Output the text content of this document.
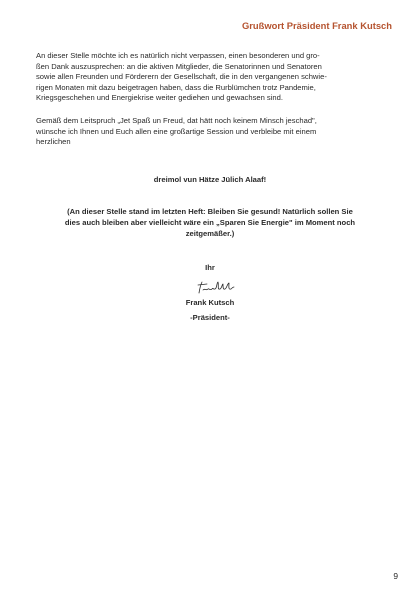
Grußwort Präsident Frank Kutsch

An dieser Stelle möchte ich es natürlich nicht verpassen, einen besonderen und gro-
ßen Dank auszusprechen: an die aktiven Mitglieder, die Senatorinnen und Senatoren
sowie allen Freunden und Förderern der Gesellschaft, die in den vergangenen schwie-
rigen Monaten mit dazu beigetragen haben, dass die Rurblümchen trotz Pandemie,
Kriegsgeschehen und Energiekrise weiter gediehen und gewachsen sind.

Gemäß dem Leitspruch „Jet Spaß un Freud, dat hätt noch keinem Minsch jeschad",
wünsche ich Ihnen und Euch allen eine großartige Session und verbleibe mit einem
herzlichen

dreimol vun Hätze Jülich Alaaf!

(An dieser Stelle stand im letzten Heft: Bleiben Sie gesund! Natürlich sollen Sie
dies auch bleiben aber vielleicht wäre ein „Sparen Sie Energie" im Moment noch
zeitgemäßer.)

Ihr

Frank Kutsch

-Präsident-

9
